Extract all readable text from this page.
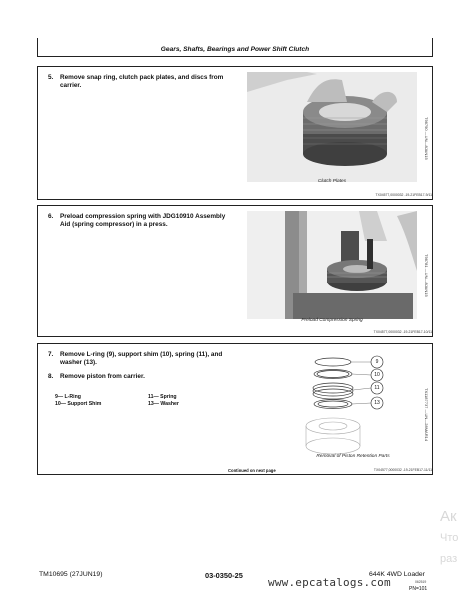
Gears, Shafts, Bearings and Power Shift Clutch
5. Remove snap ring, clutch pack plates, and discs from carrier.
T96790 —UN—8JAN15
Clutch Plates
TX04577,0000032 -19-21FEB17-9/11
6. Preload compression spring with JDG10910 Assembly Aid (spring compressor) in a press.
T96781 —UN—8JAN15
Preload Compression Spring
TX04577,0000032 -19-21FEB17-10/11
7. Remove L-ring (9), support shim (10), spring (11), and washer (13).
8. Remove piston from carrier.
9— L-Ring
10— Support Shim
11— Spring
13— Washer
9
10
11
13	TX1187737 —UN—28MAR14
Removal of Piston Retention Parts
Continued on next page	TX04577,0000032 -19-21FEB17-11/11
TM10695 (27JUN19)	03-0350-25	644K 4WD Loader
062519
PN=101
www.epcatalogs.com
Ак
Что
раз
